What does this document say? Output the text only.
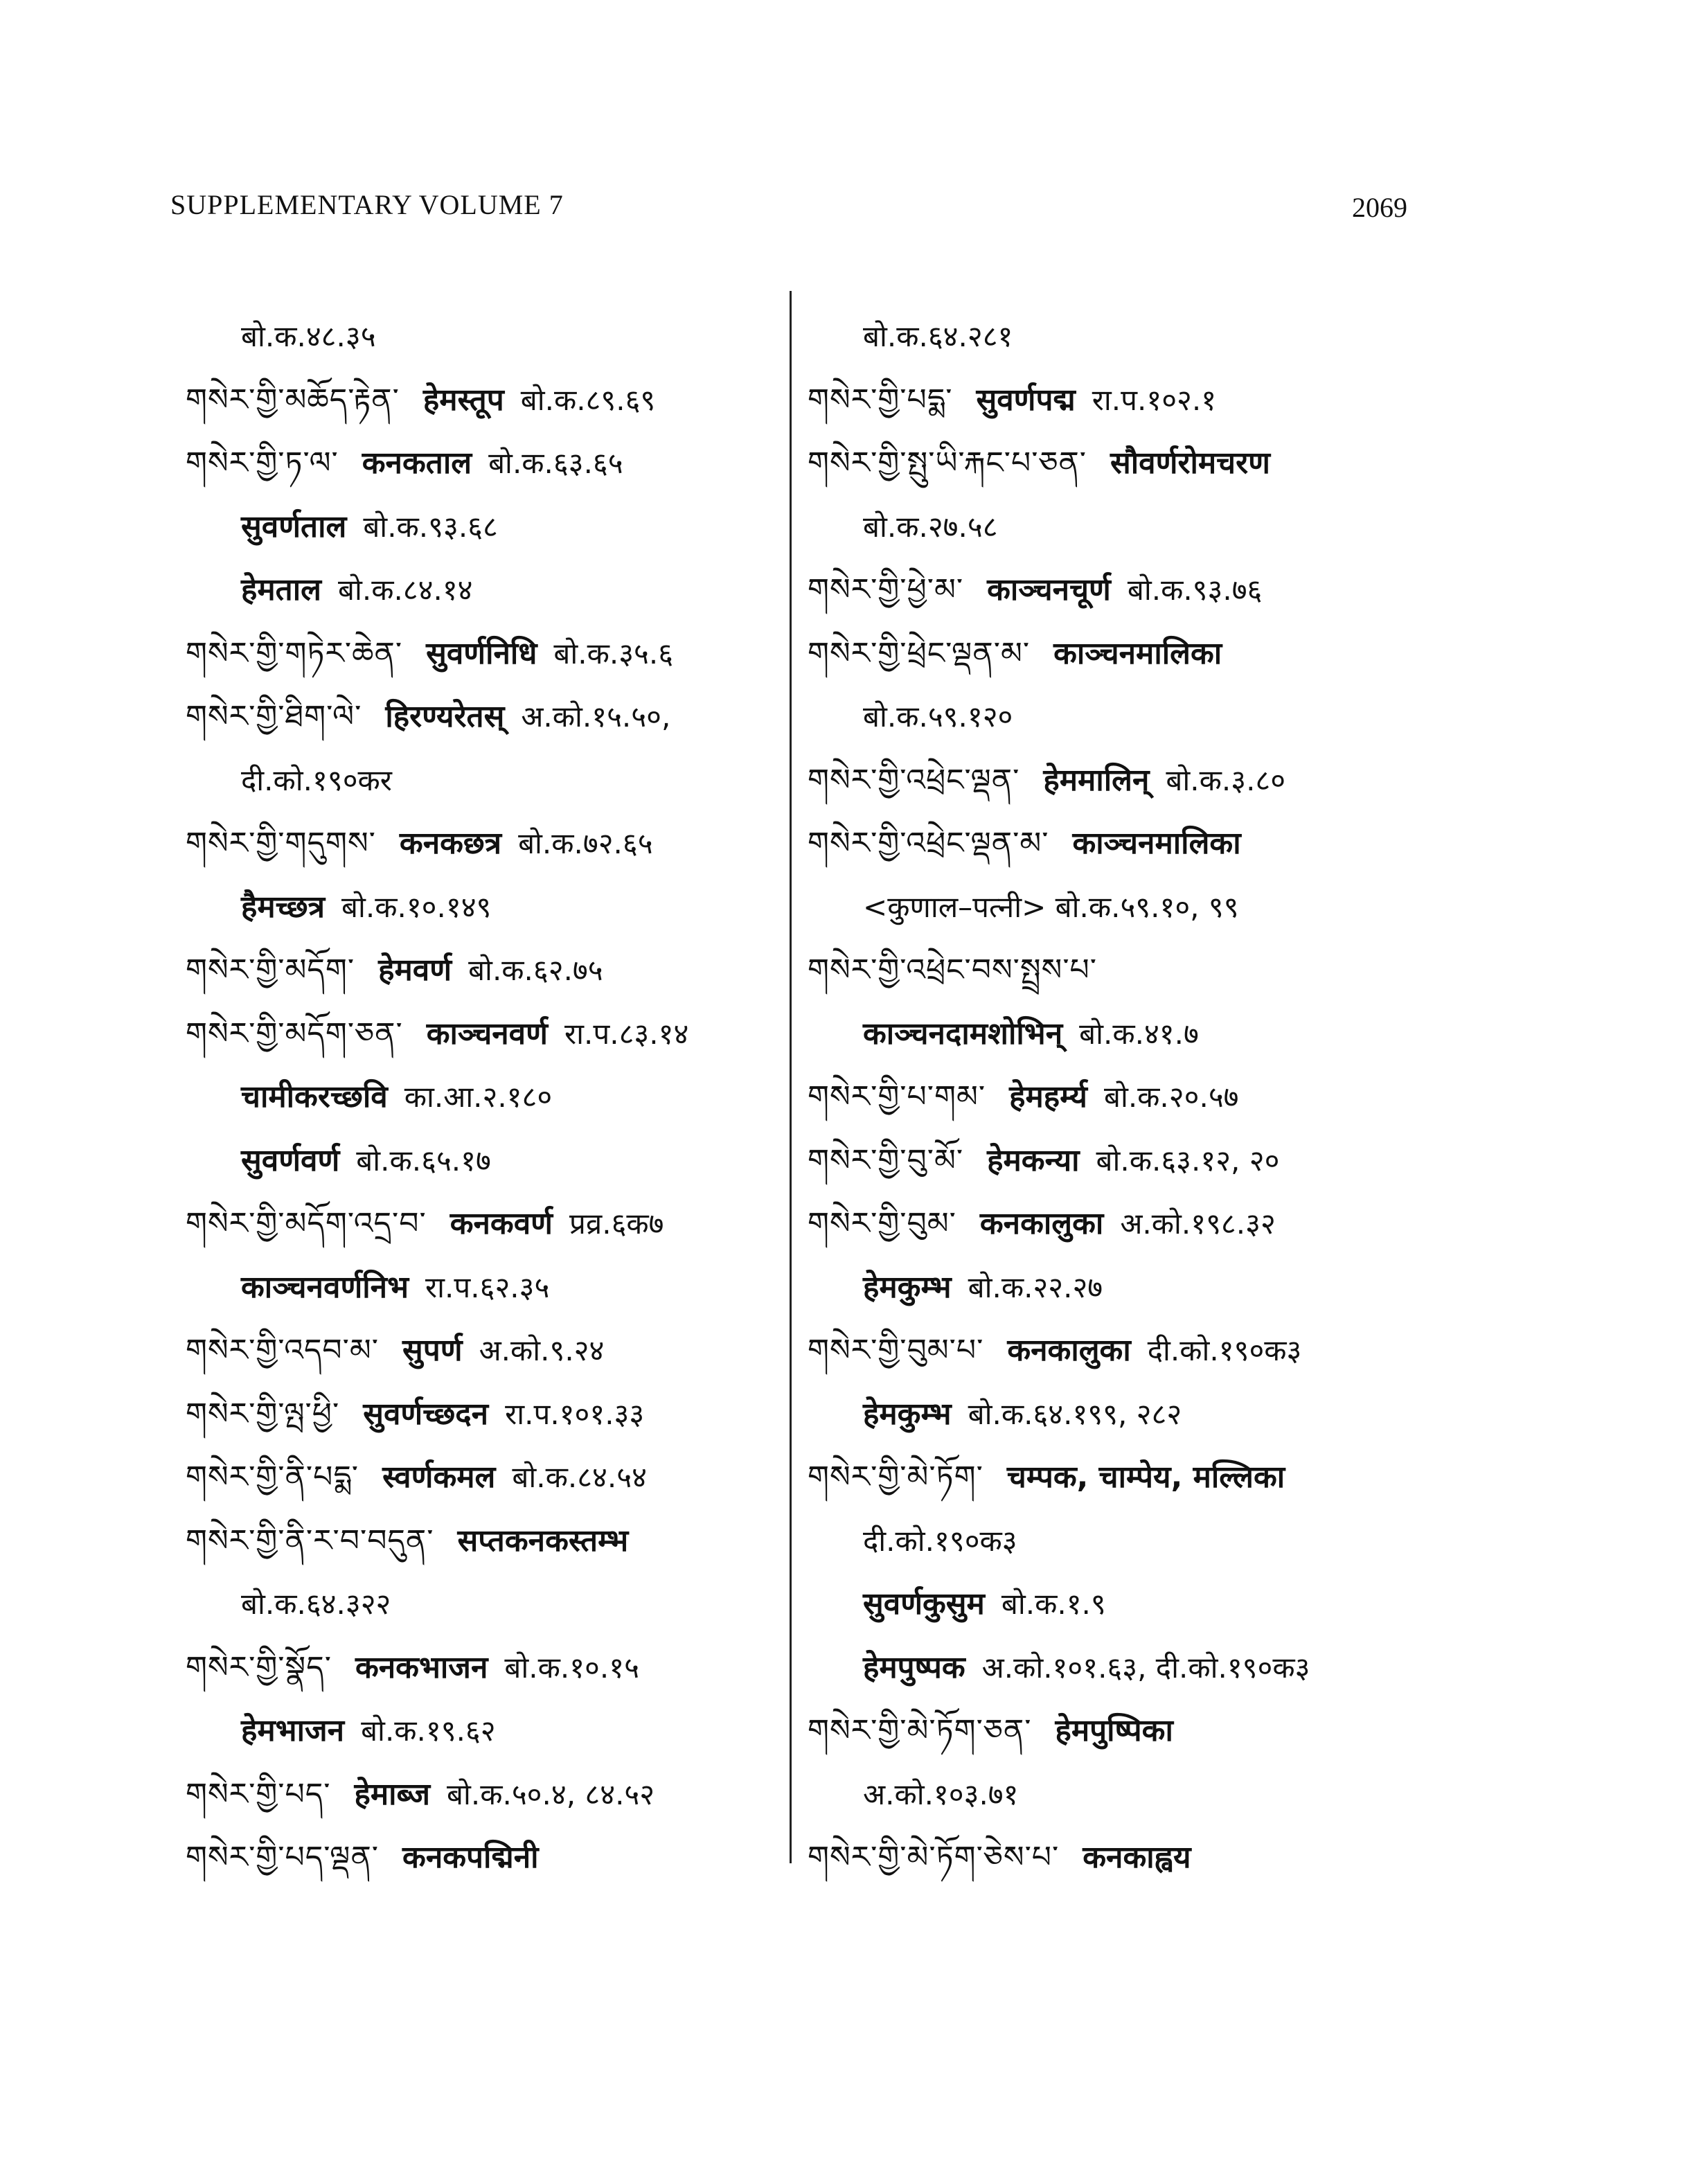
SUPPLEMENTARY VOLUME 7	2069
बो.क.४८.३५
གསེར་གྱི་མཆོད་རྟེན་ हेमस्तूप बो.क.८९.६९
གསེར་གྱི་ཏ་ལ་ कनकताल बो.क.६३.६५
सुवर्णताल बो.क.९३.६८
हेमताल बो.क.८४.१४
གསེར་གྱི་གཏེར་ཆེན་ सुवर्णनिधि बो.क.३५.६
གསེར་གྱི་ཐིག་ལེ་ हिरण्यरेतस् अ.को.१५.५०,
दी.को.१९०कर
གསེར་གྱི་གདུགས་ कनकछत्र बो.क.७२.६५
हैमच्छत्र बो.क.१०.१४९
གསེར་གྱི་མདོག་ हेमवर्ण बो.क.६२.७५
གསེར་གྱི་མདོག་ཅན་ काञ्चनवर्ण रा.प.८३.१४
चामीकरच्छवि का.आ.२.१८०
सुवर्णवर्ण बो.क.६५.१७
གསེར་གྱི་མདོག་འདྲ་བ་ कनकवर्ण प्रव्र.६क७
काञ्चनवर्णनिभ रा.प.६२.३५
གསེར་གྱི་འདབ་མ་ सुपर्ण अ.को.९.२४
གསེར་གྱི་ལྤ་ཕྱི་ सुवर्णच्छदन रा.प.१०१.३३
གསེར་གྱི་ནི་པདྨ་ स्वर्णकमल बो.क.८४.५४
གསེར་གྱི་ནི་ར་བ་བདུན་ सप्तकनकस्तम्भ
बो.क.६४.३२२
གསེར་གྱི་སྣོད་ कनकभाजन बो.क.१०.१५
हेमभाजन बो.क.१९.६२
གསེར་གྱི་པད་ हेमाब्ज बो.क.५०.४, ८४.५२
གསེར་གྱི་པད་ལྡན་ कनकपद्मिनी
बो.क.६४.२८१
གསེར་གྱི་པདྨ་ सुवर्णपद्म रा.प.१०२.१
གསེར་གྱི་སྤུ་ཡི་རྐང་པ་ཅན་ सौवर्णरोमचरण
बो.क.२७.५८
གསེར་གྱི་ཕྱེ་མ་ काञ्चनचूर्ण बो.क.९३.७६
གསེར་གྱི་ཕྲེང་ལྡན་མ་ काञ्चनमालिका
बो.क.५९.१२०
གསེར་གྱི་འཕྲེང་ལྡན་ हेममालिन् बो.क.३.८०
གསེར་གྱི་འཕྲེང་ལྡན་མ་ काञ्चनमालिका
<कुणाल–पत्नी> बो.क.५९.१०, ९९
གསེར་གྱི་འཕྲེང་བས་སྤྲས་པ་
काञ्चनदामशोभिन् बो.क.४१.७
གསེར་གྱི་པ་གམ་ हेमहर्म्य बो.क.२०.५७
གསེར་གྱི་བུ་མོ་ हेमकन्या बो.क.६३.१२, २०
གསེར་གྱི་བུམ་ कनकालुका अ.को.१९८.३२
हेमकुम्भ बो.क.२२.२७
གསེར་གྱི་བུམ་པ་ कनकालुका दी.को.१९०क३
हेमकुम्भ बो.क.६४.१९९, २८२
གསེར་གྱི་མེ་ཏོག་ चम्पक, चाम्पेय, मल्लिका
दी.को.१९०क३
सुवर्णकुसुम बो.क.१.९
हेमपुष्पक अ.को.१०१.६३, दी.को.१९०क३
གསེར་གྱི་མེ་ཏོག་ཅན་ हेमपुष्पिका
अ.को.१०३.७१
གསེར་གྱི་མེ་ཏོག་ཅེས་པ་ कनकाह्वय
